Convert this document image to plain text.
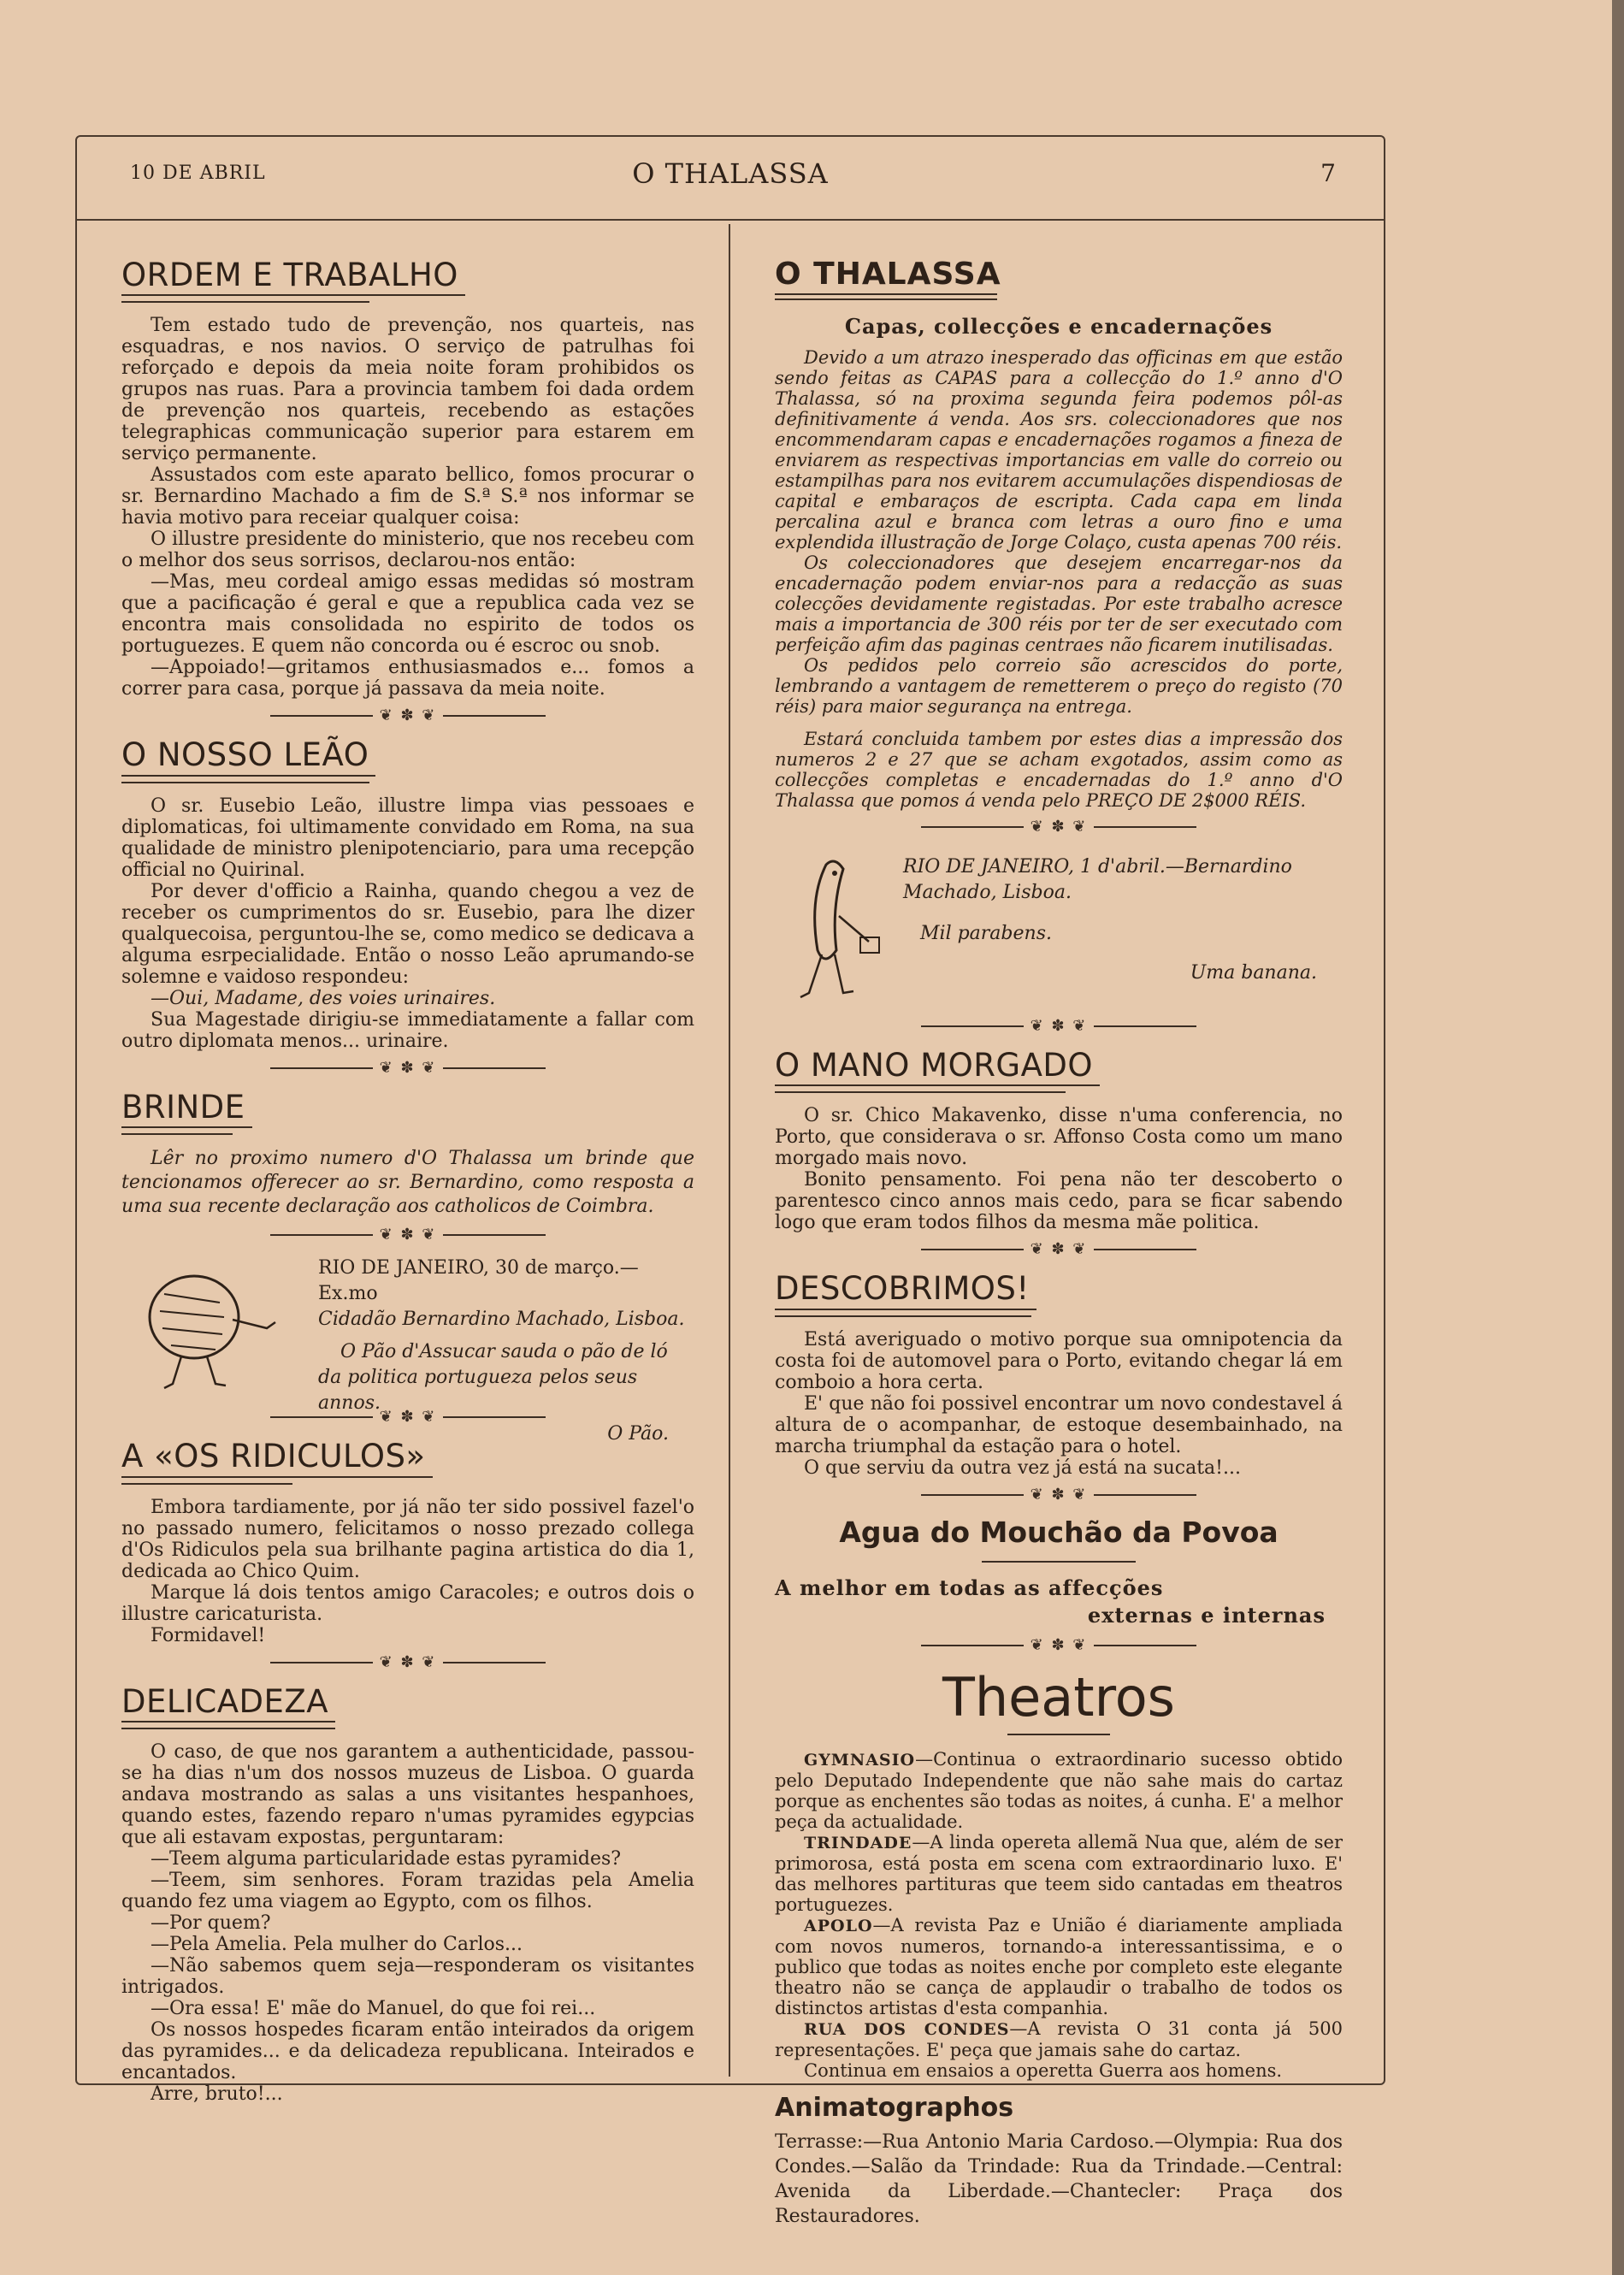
10 DE ABRIL	O THALASSA	7
ORDEM E TRABALHO

Tem estado tudo de prevenção, nos quarteis, nas esquadras, e nos navios. O serviço de patrulhas foi reforçado e depois da meia noite foram prohibidos os grupos nas ruas. Para a provincia tambem foi dada ordem de prevenção nos quarteis, recebendo as estações telegraphicas communicação superior para estarem em serviço permanente.

Assustados com este aparato bellico, fomos procurar o sr. Bernardino Machado a fim de S.ª S.ª nos informar se havia motivo para receiar qualquer coisa:

O illustre presidente do ministerio, que nos recebeu com o melhor dos seus sorrisos, declarou-nos então:

—Mas, meu cordeal amigo essas medidas só mostram que a pacificação é geral e que a republica cada vez se encontra mais consolidada no espirito de todos os portuguezes. E quem não concorda ou é escroc ou snob.

—Appoiado!—gritamos enthusiasmados e... fomos a correr para casa, porque já passava da meia noite.

❦ ✽ ❦
O NOSSO LEÃO

O sr. Eusebio Leão, illustre limpa vias pessoaes e diplomaticas, foi ultimamente convidado em Roma, na sua qualidade de ministro plenipotenciario, para uma recepção official no Quirinal.

Por dever d'officio a Rainha, quando chegou a vez de receber os cumprimentos do sr. Eusebio, para lhe dizer qualquecoisa, perguntou-lhe se, como medico se dedicava a alguma esrpecialidade. Então o nosso Leão aprumando-se solemne e vaidoso respondeu:

—Oui, Madame, des voies urinaires.

Sua Magestade dirigiu-se immediatamente a fallar com outro diplomata menos... urinaire.

❦ ✽ ❦
BRINDE

Lêr no proximo numero d'O Thalassa um brinde que tencionamos offerecer ao sr. Bernardino, como resposta a uma sua recente declaração aos catholicos de Coimbra.

❦ ✽ ❦
RIO DE JANEIRO, 30 de março.—Ex.mo
Cidadão Bernardino Machado, Lisboa.
O Pão d'Assucar sauda o pão de ló da politica portugueza pelos seus annos.
O Pão.
❦ ✽ ❦
A «OS RIDICULOS»

Embora tardiamente, por já não ter sido possivel fazel'o no passado numero, felicitamos o nosso prezado collega d'Os Ridiculos pela sua brilhante pagina artistica do dia 1, dedicada ao Chico Quim.

Marque lá dois tentos amigo Caracoles; e outros dois o illustre caricaturista.

Formidavel!

❦ ✽ ❦
DELICADEZA

O caso, de que nos garantem a authenticidade, passou-se ha dias n'um dos nossos muzeus de Lisboa. O guarda andava mostrando as salas a uns visitantes hespanhoes, quando estes, fazendo reparo n'umas pyramides egypcias que ali estavam expostas, perguntaram:

—Teem alguma particularidade estas pyramides?

—Teem, sim senhores. Foram trazidas pela Amelia quando fez uma viagem ao Egypto, com os filhos.

—Por quem?

—Pela Amelia. Pela mulher do Carlos...

—Não sabemos quem seja—responderam os visitantes intrigados.

—Ora essa! E' mãe do Manuel, do que foi rei...

Os nossos hospedes ficaram então inteirados da origem das pyramides... e da delicadeza republicana. Inteirados e encantados.

Arre, bruto!...

O THALASSA
Capas, collecções e encadernações

Devido a um atrazo inesperado das officinas em que estão sendo feitas as CAPAS para a collecção do 1.º anno d'O Thalassa, só na proxima segunda feira podemos pôl-as definitivamente á venda. Aos srs. coleccionadores que nos encommendaram capas e encadernações rogamos a fineza de enviarem as respectivas importancias em valle do correio ou estampilhas para nos evitarem accumulações dispendiosas de capital e embaraços de escripta. Cada capa em linda percalina azul e branca com letras a ouro fino e uma explendida illustração de Jorge Colaço, custa apenas 700 réis.

Os coleccionadores que desejem encarregar-nos da encadernação podem enviar-nos para a redacção as suas colecções devidamente registadas. Por este trabalho acresce mais a importancia de 300 réis por ter de ser executado com perfeição afim das paginas centraes não ficarem inutilisadas.

Os pedidos pelo correio são acrescidos do porte, lembrando a vantagem de remetterem o preço do registo (70 réis) para maior segurança na entrega.

Estará concluida tambem por estes dias a impressão dos numeros 2 e 27 que se acham exgotados, assim como as collecções completas e encadernadas do 1.º anno d'O Thalassa que pomos á venda pelo PREÇO DE 2$000 RÉIS.

❦ ✽ ❦
RIO DE JANEIRO, 1 d'abril.—Bernardino Machado, Lisboa.
Mil parabens.
Uma banana.
❦ ✽ ❦
O MANO MORGADO

O sr. Chico Makavenko, disse n'uma conferencia, no Porto, que considerava o sr. Affonso Costa como um mano morgado mais novo.

Bonito pensamento. Foi pena não ter descoberto o parentesco cinco annos mais cedo, para se ficar sabendo logo que eram todos filhos da mesma mãe politica.

❦ ✽ ❦
DESCOBRIMOS!

Está averiguado o motivo porque sua omnipotencia da costa foi de automovel para o Porto, evitando chegar lá em comboio a hora certa.

E' que não foi possivel encontrar um novo condestavel á altura de o acompanhar, de estoque desembainhado, na marcha triumphal da estação para o hotel.

O que serviu da outra vez já está na sucata!...

❦ ✽ ❦
Agua do Mouchão da Povoa
A melhor em todas as affecções
externas e internas
❦ ✽ ❦
Theatros

GYMNASIO—Continua o extraordinario sucesso obtido pelo Deputado Independente que não sahe mais do cartaz porque as enchentes são todas as noites, á cunha. E' a melhor peça da actualidade.

TRINDADE—A linda opereta allemã Nua que, além de ser primorosa, está posta em scena com extraordinario luxo. E' das melhores partituras que teem sido cantadas em theatros portuguezes.

APOLO—A revista Paz e União é diariamente ampliada com novos numeros, tornando-a interessantissima, e o publico que todas as noites enche por completo este elegante theatro não se cança de applaudir o trabalho de todos os distinctos artistas d'esta companhia.

RUA DOS CONDES—A revista O 31 conta já 500 representações. E' peça que jamais sahe do cartaz.

Continua em ensaios a operetta Guerra aos homens.

Animatographos

Terrasse:—Rua Antonio Maria Cardoso.—Olympia: Rua dos Condes.—Salão da Trindade: Rua da Trindade.—Central: Avenida da Liberdade.—Chantecler: Praça dos Restauradores.
